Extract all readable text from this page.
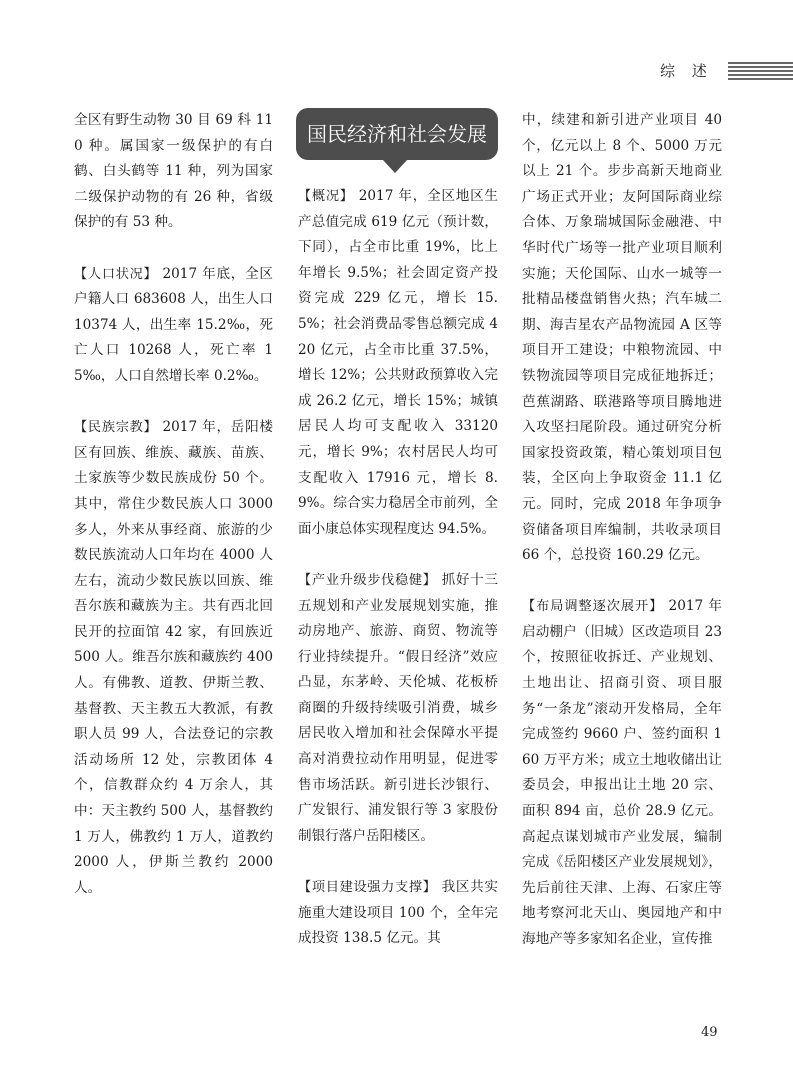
综 述

全区有野生动物 30 目 69 科 110 种。属国家一级保护的有白鹤、白头鹤等 11 种，列为国家二级保护动物的有 26 种，省级保护的有 53 种。

【人口状况】 2017 年底，全区户籍人口 683608 人，出生人口 10374 人，出生率 15.2‰，死亡人口 10268 人，死亡率 15‰，人口自然增长率 0.2‰。

【民族宗教】 2017 年，岳阳楼区有回族、维族、藏族、苗族、土家族等少数民族成份 50 个。其中，常住少数民族人口 3000 多人，外来从事经商、旅游的少数民族流动人口年均在 4000 人左右，流动少数民族以回族、维吾尔族和藏族为主。共有西北回民开的拉面馆 42 家，有回族近 500 人。维吾尔族和藏族约 400 人。有佛教、道教、伊斯兰教、基督教、天主教五大教派，有教职人员 99 人，合法登记的宗教活动场所 12 处，宗教团体 4 个，信教群众约 4 万余人，其中：天主教约 500 人，基督教约 1 万人，佛教约 1 万人，道教约 2000 人，伊斯兰教约 2000 人。

国民经济和社会发展

【概况】 2017 年，全区地区生产总值完成 619 亿元（预计数，下同），占全市比重 19%，比上年增长 9.5%；社会固定资产投资完成 229 亿元，增长 15.5%；社会消费品零售总额完成 420 亿元，占全市比重 37.5%，增长 12%；公共财政预算收入完成 26.2 亿元，增长 15%；城镇居民人均可支配收入 33120 元，增长 9%；农村居民人均可支配收入 17916 元，增长 8.9%。综合实力稳居全市前列，全面小康总体实现程度达 94.5%。

【产业升级步伐稳健】 抓好十三五规划和产业发展规划实施，推动房地产、旅游、商贸、物流等行业持续提升。“假日经济”效应凸显，东茅岭、天伦城、花板桥商圈的升级持续吸引消费，城乡居民收入增加和社会保障水平提高对消费拉动作用明显，促进零售市场活跃。新引进长沙银行、广发银行、浦发银行等 3 家股份制银行落户岳阳楼区。

【项目建设强力支撑】 我区共实施重大建设项目 100 个，全年完成投资 138.5 亿元。其

中，续建和新引进产业项目 40 个，亿元以上 8 个、5000 万元以上 21 个。步步高新天地商业广场正式开业；友阿国际商业综合体、万象瑞城国际金融港、中华时代广场等一批产业项目顺利实施；天伦国际、山水一城等一批精品楼盘销售火热；汽车城二期、海吉星农产品物流园 A 区等项目开工建设；中粮物流园、中铁物流园等项目完成征地拆迁；芭蕉湖路、联港路等项目腾地进入攻坚扫尾阶段。通过研究分析国家投资政策，精心策划项目包装，全区向上争取资金 11.1 亿元。同时，完成 2018 年争项争资储备项目库编制，共收录项目 66 个，总投资 160.29 亿元。

【布局调整逐次展开】 2017 年启动棚户（旧城）区改造项目 23 个，按照征收拆迁、产业规划、土地出让、招商引资、项目服务“一条龙”滚动开发格局，全年完成签约 9660 户、签约面积 160 万平方米；成立土地收储出让委员会，申报出让土地 20 宗、面积 894 亩，总价 28.9 亿元。高起点谋划城市产业发展，编制完成《岳阳楼区产业发展规划》，先后前往天津、上海、石家庄等地考察河北天山、奥园地产和中海地产等多家知名企业，宣传推

49
